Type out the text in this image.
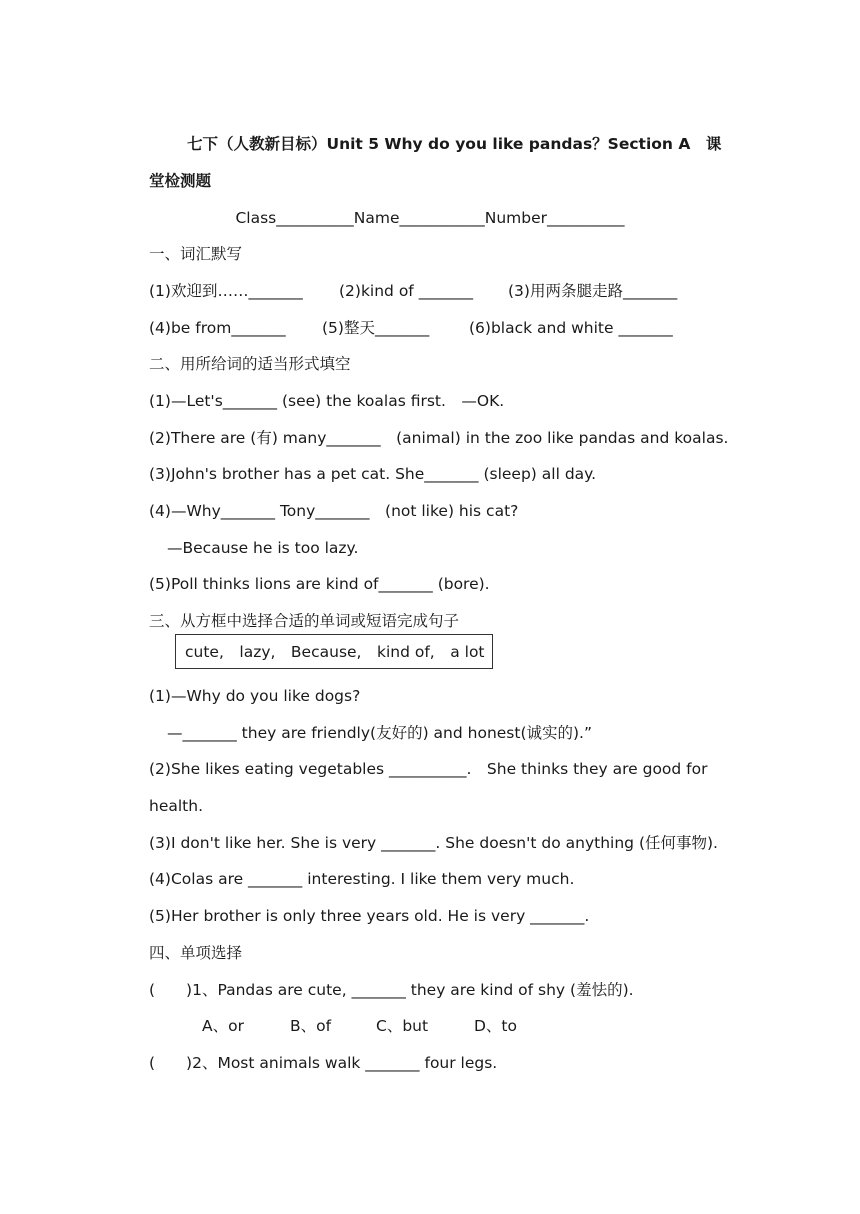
七下（人教新目标）Unit 5 Why do you like pandas？Section A　课
堂检测题
Class__________Name___________Number__________
一、词汇默写
(1)欢迎到……_______ (2)kind of _______ (3)用两条腿走路_______
(4)be from_______ (5)整天_______	(6)black and white _______
二、用所给词的适当形式填空
(1)—Let's_______ (see) the koalas first.　—OK.
(2)There are (有) many_______　(animal) in the zoo like pandas and koalas.
(3)John's brother has a pet cat. She_______ (sleep) all day.
(4)—Why_______ Tony_______　(not like) his cat?
—Because he is too lazy.
(5)Poll thinks lions are kind of_______ (bore).
三、从方框中选择合适的单词或短语完成句子
cute,　lazy,　Because,　kind of,　a lot
(1)—Why do you like dogs?
—_______ they are friendly(友好的) and honest(诚实的).”
(2)She likes eating vegetables __________.　She thinks they are good for
health.
(3)I don't like her. She is very _______. She doesn't do anything (任何事物).
(4)Colas are _______ interesting. I like them very much.
(5)Her brother is only three years old. He is very _______.
四、单项选择
(　　)1、Pandas are cute, _______ they are kind of shy (羞怯的).
A、or	B、of	C、but	D、to
(　　)2、Most animals walk _______ four legs.
